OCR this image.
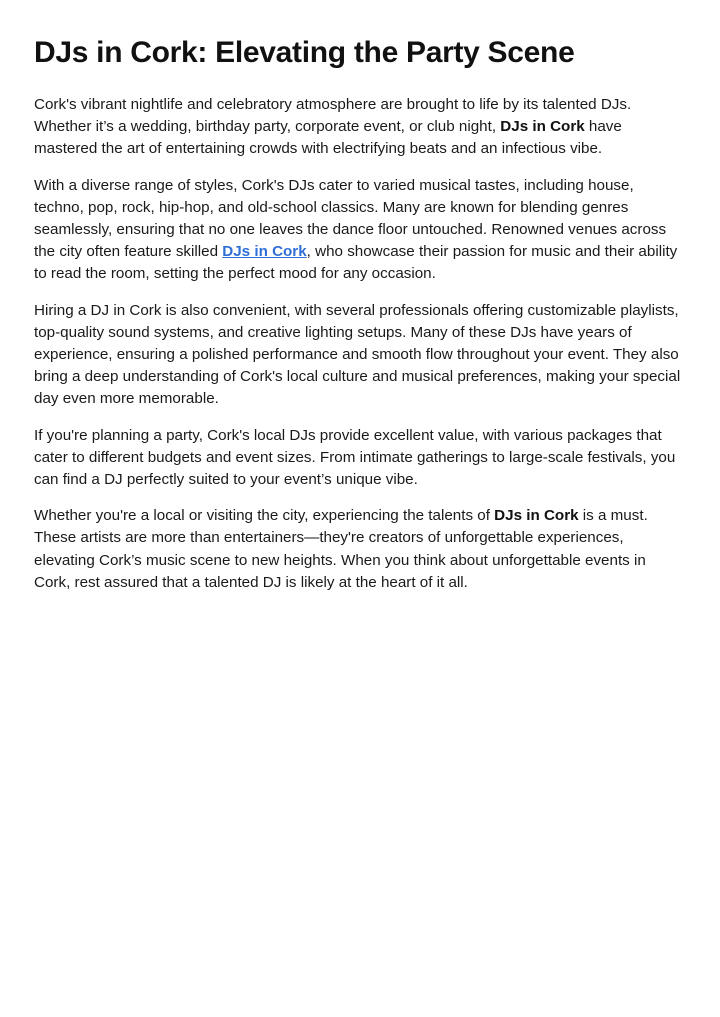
DJs in Cork: Elevating the Party Scene

Cork's vibrant nightlife and celebratory atmosphere are brought to life by its talented DJs. Whether it’s a wedding, birthday party, corporate event, or club night, DJs in Cork have mastered the art of entertaining crowds with electrifying beats and an infectious vibe.

With a diverse range of styles, Cork's DJs cater to varied musical tastes, including house, techno, pop, rock, hip-hop, and old-school classics. Many are known for blending genres seamlessly, ensuring that no one leaves the dance floor untouched. Renowned venues across the city often feature skilled DJs in Cork, who showcase their passion for music and their ability to read the room, setting the perfect mood for any occasion.

Hiring a DJ in Cork is also convenient, with several professionals offering customizable playlists, top-quality sound systems, and creative lighting setups. Many of these DJs have years of experience, ensuring a polished performance and smooth flow throughout your event. They also bring a deep understanding of Cork's local culture and musical preferences, making your special day even more memorable.

If you're planning a party, Cork's local DJs provide excellent value, with various packages that cater to different budgets and event sizes. From intimate gatherings to large-scale festivals, you can find a DJ perfectly suited to your event’s unique vibe.

Whether you're a local or visiting the city, experiencing the talents of DJs in Cork is a must. These artists are more than entertainers—they're creators of unforgettable experiences, elevating Cork’s music scene to new heights. When you think about unforgettable events in Cork, rest assured that a talented DJ is likely at the heart of it all.
